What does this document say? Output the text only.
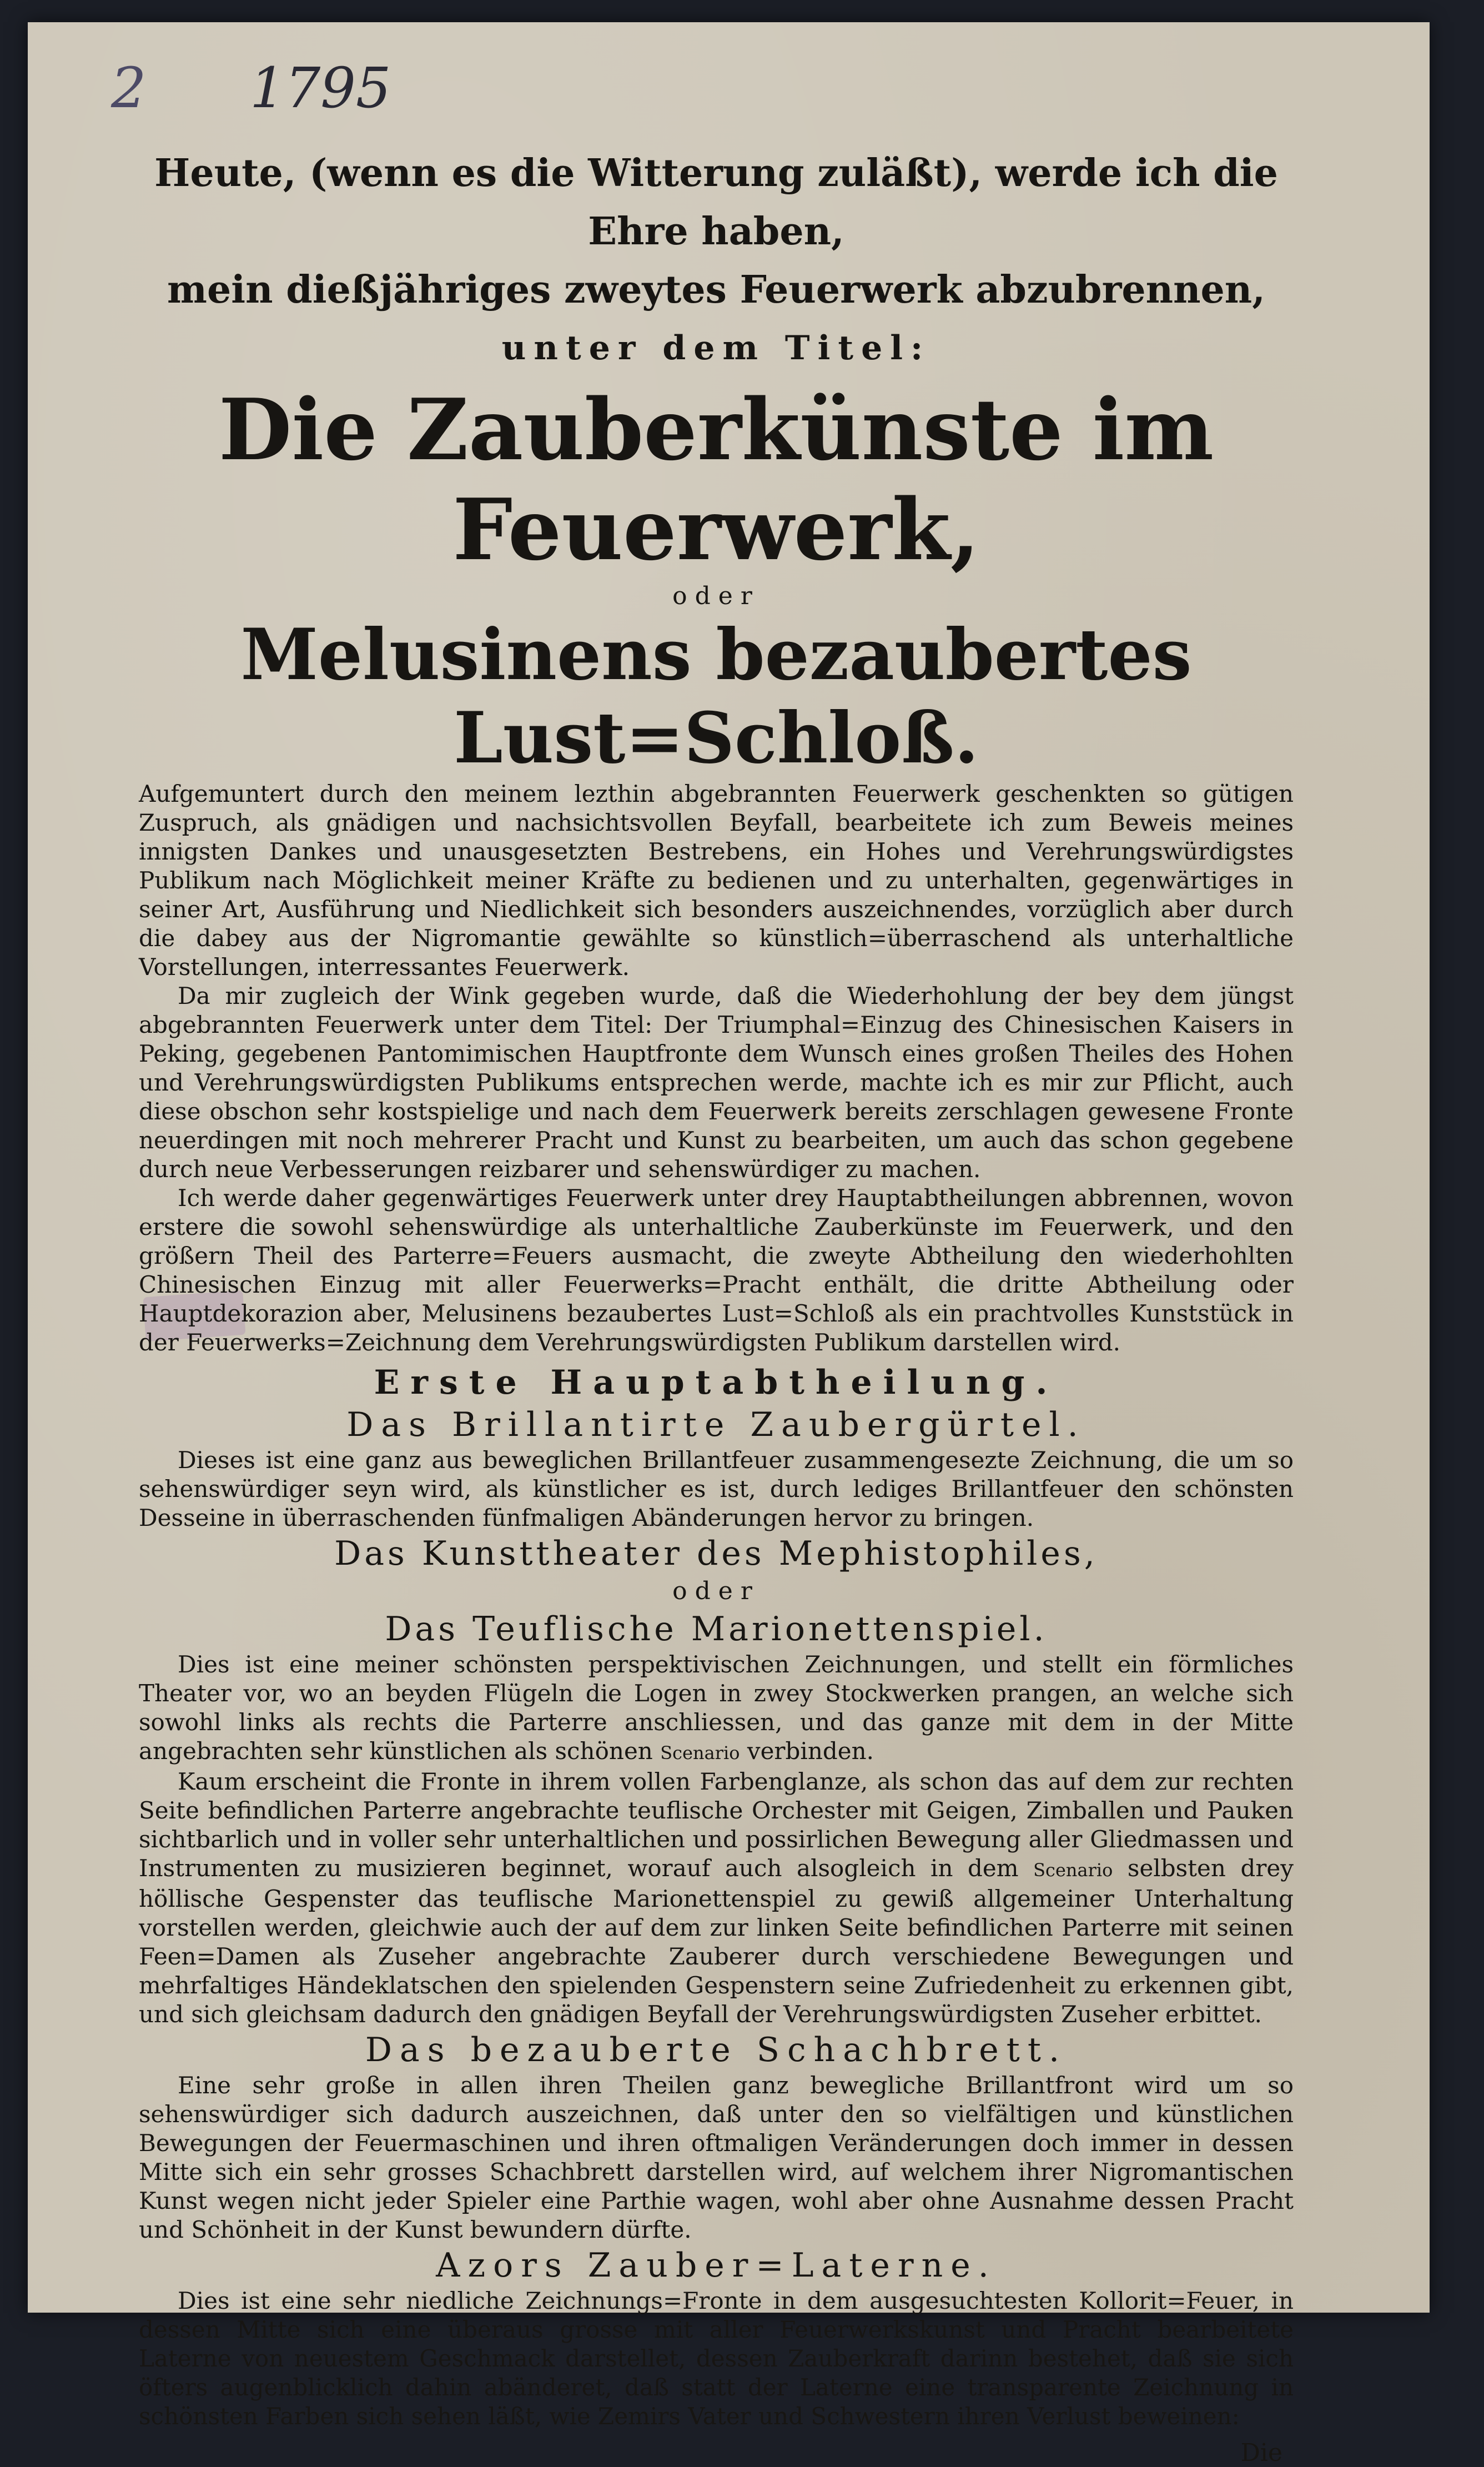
2 1795
Heute, (wenn es die Witterung zuläßt), werde ich die Ehre haben,
mein dießjähriges zweytes Feuerwerk abzubrennen,
unter dem Titel:
Die Zauberkünste im Feuerwerk,
oder
Melusinens bezaubertes Lust=Schloß.

Aufgemuntert durch den meinem lezthin abgebrannten Feuerwerk geschenkten so gütigen Zuspruch, als gnädigen und nachsichtsvollen Beyfall, bearbeitete ich zum Beweis meines innigsten Dankes und unausgesetzten Bestrebens, ein Hohes und Verehrungswürdigstes Publikum nach Möglichkeit meiner Kräfte zu bedienen und zu unterhalten, gegenwärtiges in seiner Art, Ausführung und Niedlichkeit sich besonders auszeichnendes, vorzüglich aber durch die dabey aus der Nigromantie gewählte so künstlich=überraschend als unterhaltliche Vorstellungen, interressantes Feuerwerk.

Da mir zugleich der Wink gegeben wurde, daß die Wiederhohlung der bey dem jüngst abgebrannten Feuerwerk unter dem Titel: Der Triumphal=Einzug des Chinesischen Kaisers in Peking, gegebenen Pantomimischen Hauptfronte dem Wunsch eines großen Theiles des Hohen und Verehrungswürdigsten Publikums entsprechen werde, machte ich es mir zur Pflicht, auch diese obschon sehr kostspielige und nach dem Feuerwerk bereits zerschlagen gewesene Fronte neuerdingen mit noch mehrerer Pracht und Kunst zu bearbeiten, um auch das schon gegebene durch neue Verbesserungen reizbarer und sehenswürdiger zu machen.

Ich werde daher gegenwärtiges Feuerwerk unter drey Hauptabtheilungen abbrennen, wovon erstere die sowohl sehenswürdige als unterhaltliche Zauberkünste im Feuerwerk, und den größern Theil des Parterre=Feuers ausmacht, die zweyte Abtheilung den wiederhohlten Chinesischen Einzug mit aller Feuerwerks=Pracht enthält, die dritte Abtheilung oder Hauptdekorazion aber, Melusinens bezaubertes Lust=Schloß als ein prachtvolles Kunststück in der Feuerwerks=Zeichnung dem Verehrungswürdigsten Publikum darstellen wird.

Erste Hauptabtheilung.
Das Brillantirte Zaubergürtel.

Dieses ist eine ganz aus beweglichen Brillantfeuer zusammengesezte Zeichnung, die um so sehenswürdiger seyn wird, als künstlicher es ist, durch lediges Brillantfeuer den schönsten Desseine in überraschenden fünfmaligen Abänderungen hervor zu bringen.

Das Kunsttheater des Mephistophiles,
oder
Das Teuflische Marionettenspiel.

Dies ist eine meiner schönsten perspektivischen Zeichnungen, und stellt ein förmliches Theater vor, wo an beyden Flügeln die Logen in zwey Stockwerken prangen, an welche sich sowohl links als rechts die Parterre anschliessen, und das ganze mit dem in der Mitte angebrachten sehr künstlichen als schönen Scenario verbinden.

Kaum erscheint die Fronte in ihrem vollen Farbenglanze, als schon das auf dem zur rechten Seite befindlichen Parterre angebrachte teuflische Orchester mit Geigen, Zimballen und Pauken sichtbarlich und in voller sehr unterhaltlichen und possirlichen Bewegung aller Gliedmassen und Instrumenten zu musizieren beginnet, worauf auch alsogleich in dem Scenario selbsten drey höllische Gespenster das teuflische Marionettenspiel zu gewiß allgemeiner Unterhaltung vorstellen werden, gleichwie auch der auf dem zur linken Seite befindlichen Parterre mit seinen Feen=Damen als Zuseher angebrachte Zauberer durch verschiedene Bewegungen und mehrfaltiges Händeklatschen den spielenden Gespenstern seine Zufriedenheit zu erkennen gibt, und sich gleichsam dadurch den gnädigen Beyfall der Verehrungswürdigsten Zuseher erbittet.

Das bezauberte Schachbrett.

Eine sehr große in allen ihren Theilen ganz bewegliche Brillantfront wird um so sehenswürdiger sich dadurch auszeichnen, daß unter den so vielfältigen und künstlichen Bewegungen der Feuermaschinen und ihren oftmaligen Veränderungen doch immer in dessen Mitte sich ein sehr grosses Schachbrett darstellen wird, auf welchem ihrer Nigromantischen Kunst wegen nicht jeder Spieler eine Parthie wagen, wohl aber ohne Ausnahme dessen Pracht und Schönheit in der Kunst bewundern dürfte.

Azors Zauber=Laterne.

Dies ist eine sehr niedliche Zeichnungs=Fronte in dem ausgesuchtesten Kollorit=Feuer, in dessen Mitte sich eine überaus grosse mit aller Feuerwerkskunst und Pracht bearbeitete Laterne von neuestem Geschmack darstellet, dessen Zauberkraft darinn bestehet, daß sie sich öfters augenblicklich dahin abänderet, daß statt der Laterne eine transparente Zeichnung in schönsten Farben sich sehen läßt, wie Zemirs Vater und Schwestern ihren Verlust beweinen:

Die
